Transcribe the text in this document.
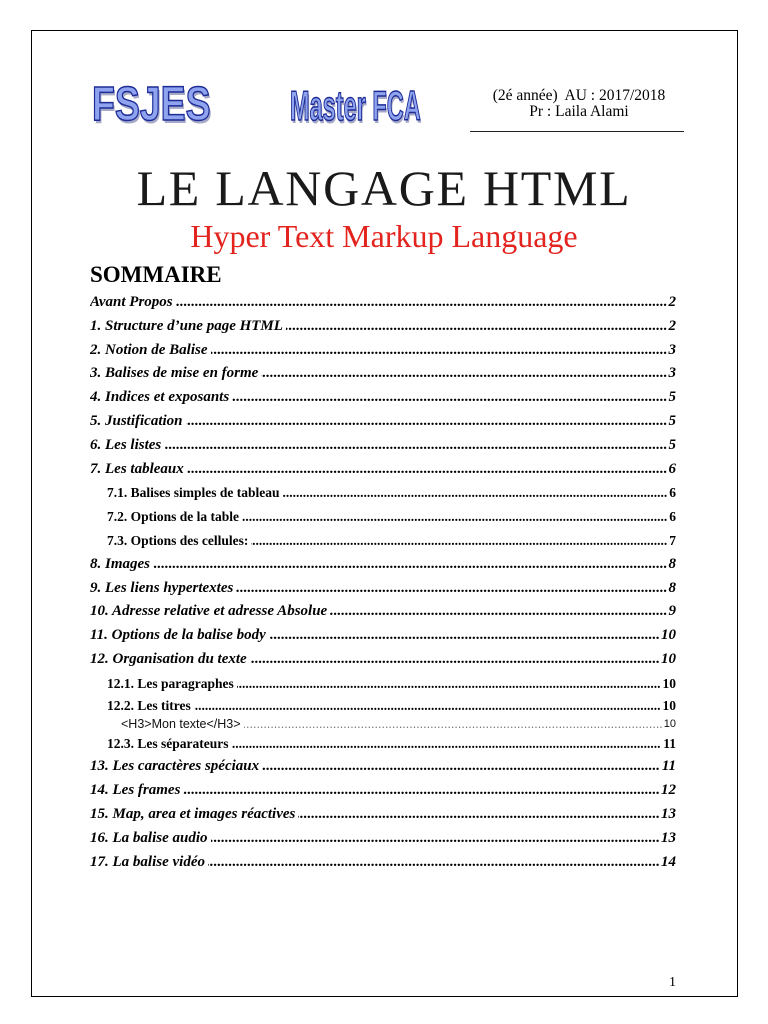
FSJES Master FCA	(2é année)  AU : 2017/2018
Pr : Laila Alami
LE LANGAGE HTML
Hyper Text Markup Language
SOMMAIRE
2
Avant Propos
2
1. Structure d’une page HTML
3
2. Notion de Balise
3
3. Balises de mise en forme
5
4. Indices et exposants
5
5. Justification
5
6. Les listes
6
7. Les tableaux
6
7.1. Balises simples de tableau
6
7.2. Options de la table
7
7.3. Options des cellules:
8
8. Images
8
9. Les liens hypertextes
9
10. Adresse relative et adresse Absolue
10
11. Options de la balise body
10
12. Organisation du texte
10
12.1. Les paragraphes
10
12.2. Les titres
10
<H3>Mon texte</H3>
11
12.3. Les séparateurs
11
13. Les caractères spéciaux
12
14. Les frames
13
15. Map, area et images réactives
13
16. La balise audio
14
17. La balise vidéo
1
